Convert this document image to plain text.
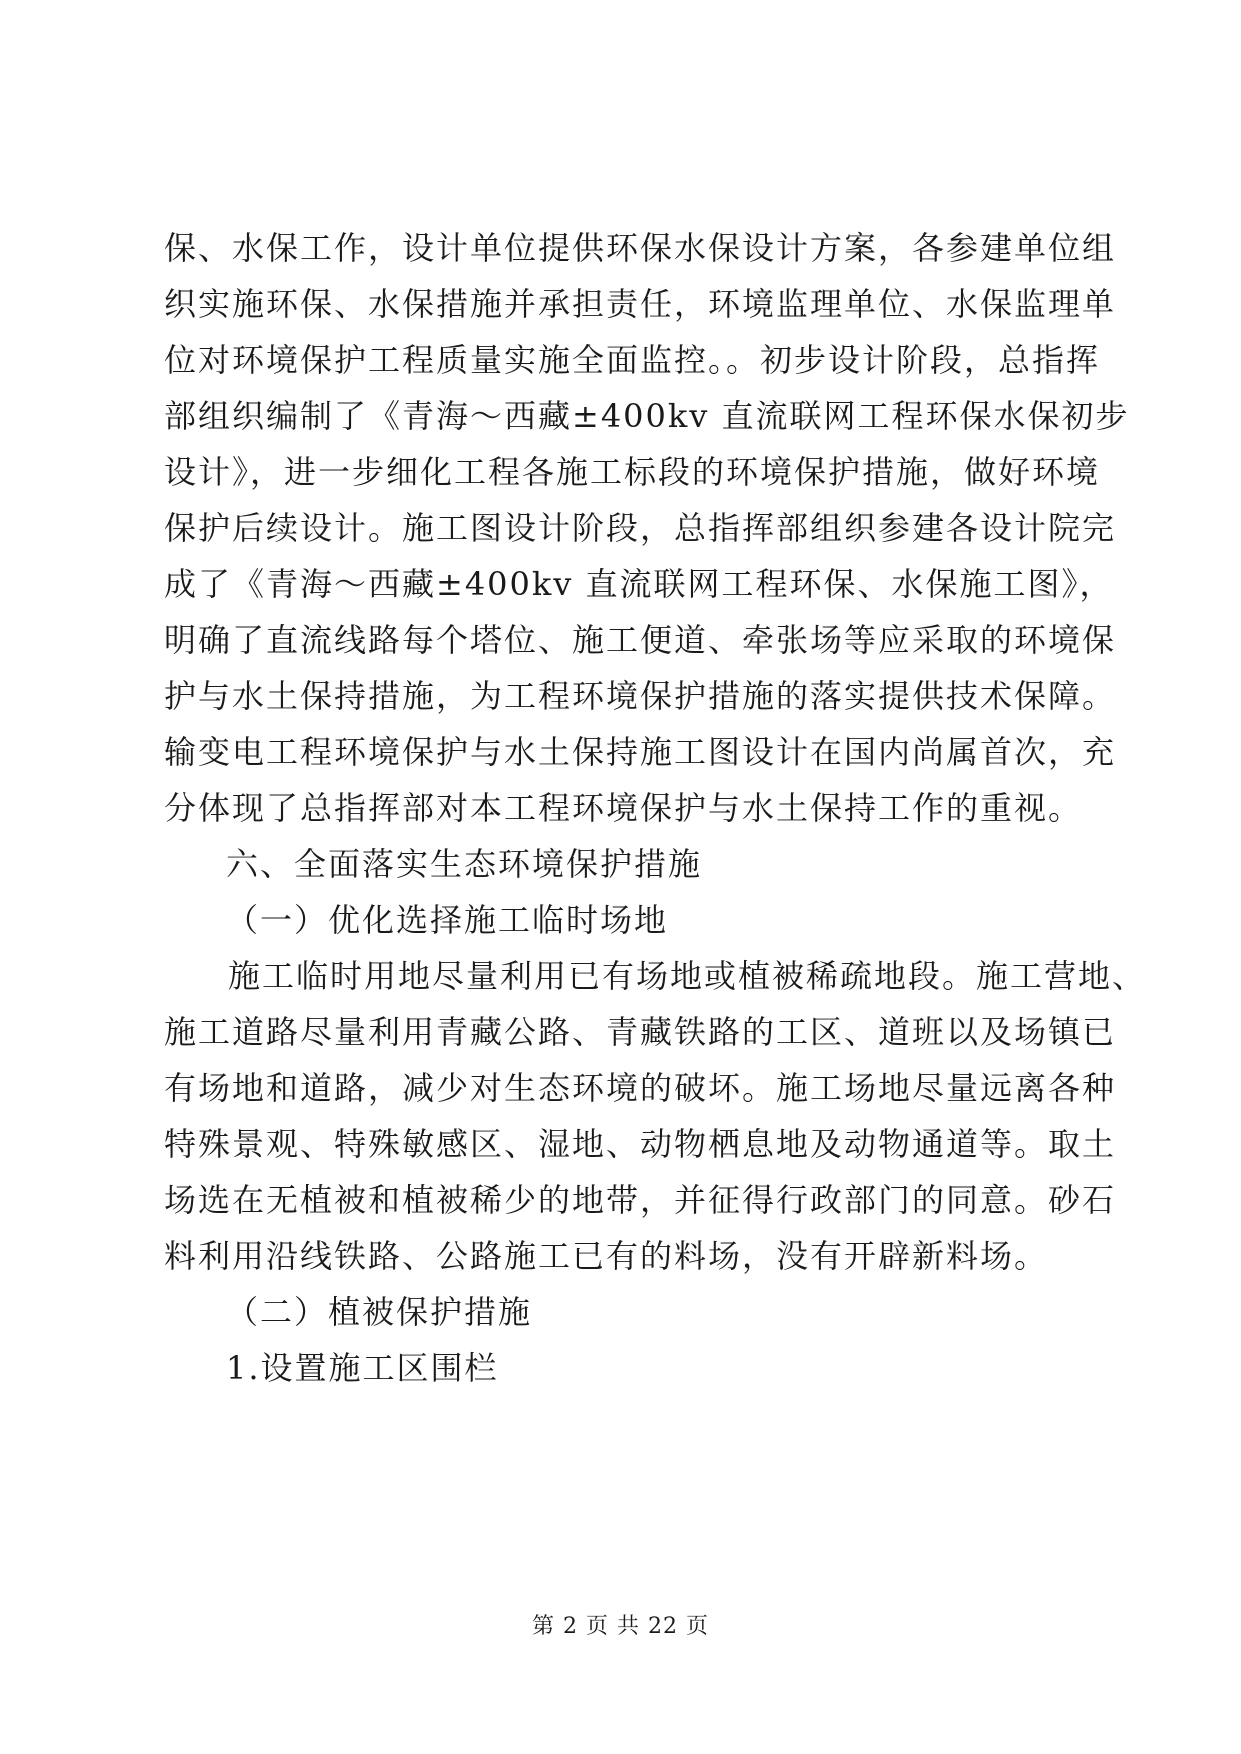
保、水保工作，设计单位提供环保水保设计方案，各参建单位组
织实施环保、水保措施并承担责任，环境监理单位、水保监理单
位对环境保护工程质量实施全面监控。。初步设计阶段，总指挥
部组织编制了《青海～西藏±400kv 直流联网工程环保水保初步
设计》，进一步细化工程各施工标段的环境保护措施，做好环境
保护后续设计。施工图设计阶段，总指挥部组织参建各设计院完
成了《青海～西藏±400kv 直流联网工程环保、水保施工图》，
明确了直流线路每个塔位、施工便道、牵张场等应采取的环境保
护与水土保持措施，为工程环境保护措施的落实提供技术保障。
输变电工程环境保护与水土保持施工图设计在国内尚属首次，充
分体现了总指挥部对本工程环境保护与水土保持工作的重视。
六、全面落实生态环境保护措施
（一）优化选择施工临时场地
施工临时用地尽量利用已有场地或植被稀疏地段。施工营地、
施工道路尽量利用青藏公路、青藏铁路的工区、道班以及场镇已
有场地和道路，减少对生态环境的破坏。施工场地尽量远离各种
特殊景观、特殊敏感区、湿地、动物栖息地及动物通道等。取土
场选在无植被和植被稀少的地带，并征得行政部门的同意。砂石
料利用沿线铁路、公路施工已有的料场，没有开辟新料场。
（二）植被保护措施
1.设置施工区围栏
第 2 页 共 22 页
